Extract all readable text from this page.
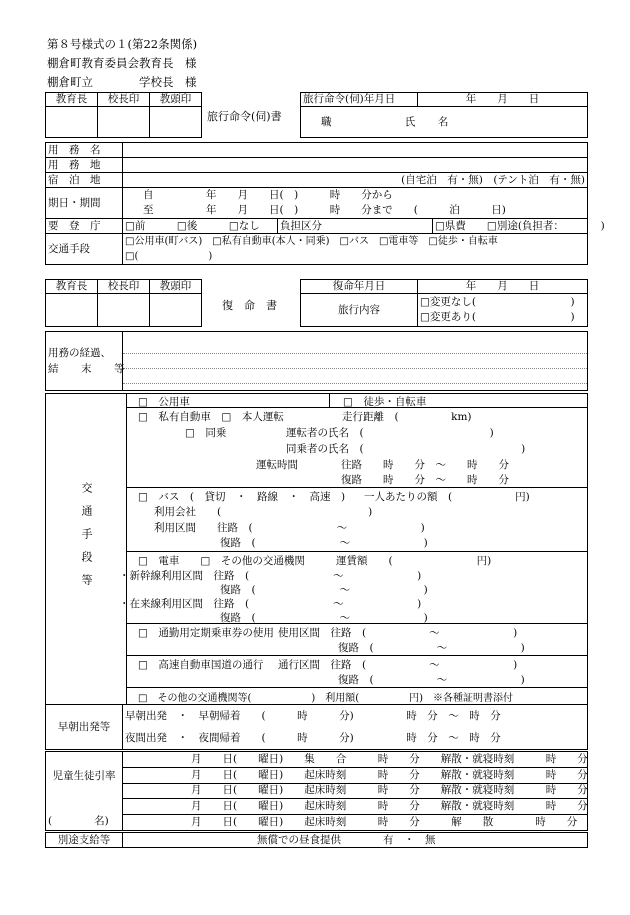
第８号様式の１(第22条関係)
棚倉町教育委員会教育長　様
棚倉町立　　　　学校長　様
教育長	校長印	教頭印

旅行命令(伺)書
旅行命令(伺)年月日	年　　月　　日
職	氏　名
用　務　名			
用　務　地			
宿　泊　地	(自宅泊　有・無)　(テント泊　有・無)		
期日・期間	自　　　　　年　　月　　日(　)　　　時　　分から
至　　　　　年　　月　　日(　)　　　時　　分まで　　(　　　泊　　　日)		

要　登　庁	□前　　　□後　　　□なし	負担区分	□県費　　□別途(負担者：　　　　)
交通手段	□公用車(町バス)　□私有自動車(本人・同乗)　□バス　□電車等　□徒歩・自転車
□(　　　　　　　)		
教育長	校長印	教頭印

復　命　書
復命年月日	年　　月　　日
旅行内容	□変更なし(　　　　　　　　　)
□変更あり(　　　　　　　　　)
用務の経過、
結　末　等

交通手段等
□　公用車	□　徒歩・自転車
□　私有自動車　□　本人運転	走行距離　(　　　　　km)
□　同乗	運転者の氏名　(　　　　　　　　　　　　)
同乗者の氏名　(　　　　　　　　　　　　　　　)
運転時間	往路　　時　　分　～　　時　　分
復路　　時　　分　～　　時　　分
□　バス　(　貸切　・　路線　・　高速　) 一人あたりの額　(　　　　　　円)
利用会社　　(　　　　　　　　　　　　　　)
利用区間　　往路　(　　　　　　　　～　　　　　　　)
復路　(　　　　　　　　～　　　　　　　)
□　電車　　□　その他の交通機関	運賃額　　(　　　　　　　　円)
・新幹線利用区間　往路　(　　　　　　　　～　　　　　　　)
復路　(　　　　　　　　～　　　　　　　)
・在来線利用区間　往路　(　　　　　　　　～　　　　　　　)
復路　(　　　　　　　　～　　　　　　　)
□　通勤用定期乗車券の使用 使用区間　往路　(　　　　　　～　　　　　　　)
復路　(　　　　　　～　　　　　　　)
□　高速自動車国道の通行 通行区間　往路　(　　　　　　～　　　　　　　)
復路　(　　　　　　～　　　　　　　)
□　その他の交通機関等(　　　　　　)　利用額(　　　　　円)　※各種証明書添付
早朝出発等	早朝出発　・　早朝帰着　　(　　　時　　　分)　　　　　時　分　～　時　分
夜間出発　・　夜間帰着　　(　　　時　　　分)　　　　　時　分　～　時　分
児童生徒引率
(　　　　名)
	月　　日(　　曜日)　　集　　合　　　時　　分　　解散・就寝時刻　　　時　　分
月　　日(　　曜日)　　起床時刻　　　時　　分　　解散・就寝時刻　　　時　　分
月　　日(　　曜日)　　起床時刻　　　時　　分　　解散・就寝時刻　　　時　　分
月　　日(　　曜日)　　起床時刻　　　時　　分　　解散・就寝時刻　　　時　　分
月　　日(　　曜日)　　起床時刻　　　時　　分　　　解　　散　　　　時　　分
別途支給等	無償での昼食提供　　　　有　・　無
